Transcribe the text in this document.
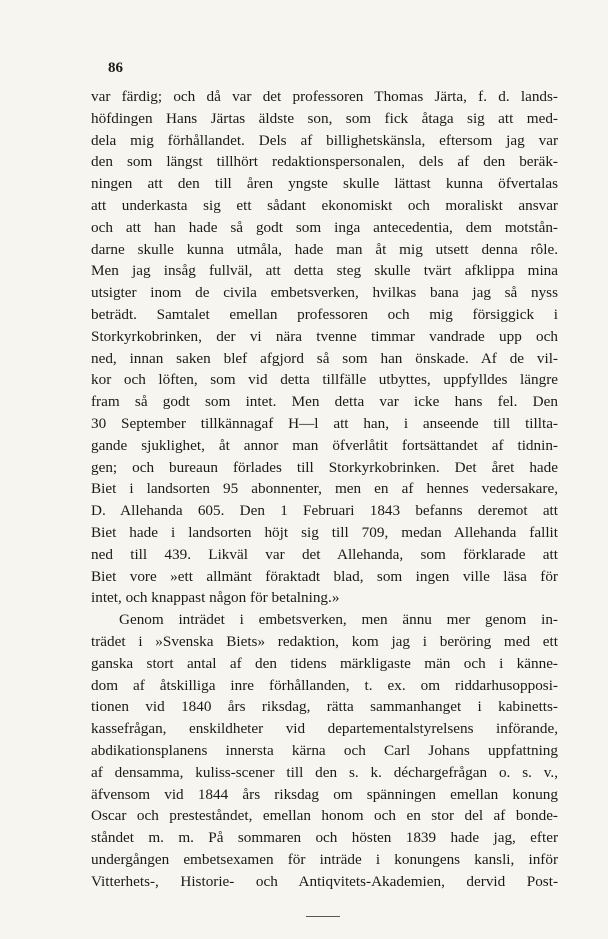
86
var färdig; och då var det professoren Thomas Järta, f. d. lands-
höfdingen Hans Järtas äldste son, som fick åtaga sig att med-
dela mig förhållandet. Dels af billighetskänsla, eftersom jag var
den som längst tillhört redaktionspersonalen, dels af den beräk-
ningen att den till åren yngste skulle lättast kunna öfvertalas
att underkasta sig ett sådant ekonomiskt och moraliskt ansvar
och att han hade så godt som inga antecedentia, dem motstån-
darne skulle kunna utmåla, hade man åt mig utsett denna rôle.
Men jag insåg fullväl, att detta steg skulle tvärt afklippa mina
utsigter inom de civila embetsverken, hvilkas bana jag så nyss
beträdt. Samtalet emellan professoren och mig försiggick i
Storkyrkobrinken, der vi nära tvenne timmar vandrade upp och
ned, innan saken blef afgjord så som han önskade. Af de vil-
kor och löften, som vid detta tillfälle utbyttes, uppfylldes längre
fram så godt som intet. Men detta var icke hans fel. Den
30 September tillkännagaf H—l att han, i anseende till tillta-
gande sjuklighet, åt annor man öfverlåtit fortsättandet af tidnin-
gen; och bureaun förlades till Storkyrkobrinken. Det året hade
Biet i landsorten 95 abonnenter, men en af hennes vedersakare,
D. Allehanda 605. Den 1 Februari 1843 befanns deremot att
Biet hade i landsorten höjt sig till 709, medan Allehanda fallit
ned till 439. Likväl var det Allehanda, som förklarade att
Biet vore »ett allmänt föraktadt blad, som ingen ville läsa för
intet, och knappast någon för betalning.»
Genom inträdet i embetsverken, men ännu mer genom in-
trädet i »Svenska Biets» redaktion, kom jag i beröring med ett
ganska stort antal af den tidens märkligaste män och i känne-
dom af åtskilliga inre förhållanden, t. ex. om riddarhusopposi-
tionen vid 1840 års riksdag, rätta sammanhanget i kabinetts-
kassefrågan, enskildheter vid departementalstyrelsens införande,
abdikationsplanens innersta kärna och Carl Johans uppfattning
af densamma, kuliss-scener till den s. k. déchargefrågan o. s. v.,
äfvensom vid 1844 års riksdag om spänningen emellan konung
Oscar och presteståndet, emellan honom och en stor del af bonde-
ståndet m. m. På sommaren och hösten 1839 hade jag, efter
undergången embetsexamen för inträde i konungens kansli, inför
Vitterhets-, Historie- och Antiqvitets-Akademien, dervid Post-
